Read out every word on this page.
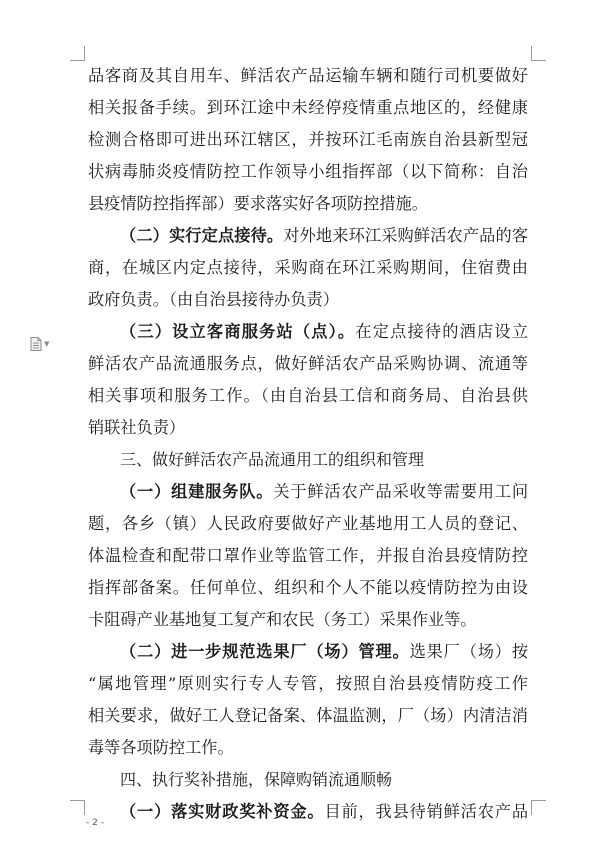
▼
品客商及其自用车、鲜活农产品运输车辆和随行司机要做好
相关报备手续。到环江途中未经停疫情重点地区的，经健康
检测合格即可进出环江辖区，并按环江毛南族自治县新型冠
状病毒肺炎疫情防控工作领导小组指挥部（以下简称：自治
县疫情防控指挥部）要求落实好各项防控措施。
（二）实行定点接待。对外地来环江采购鲜活农产品的客
商，在城区内定点接待，采购商在环江采购期间，住宿费由
政府负责。（由自治县接待办负责）
（三）设立客商服务站（点）。在定点接待的酒店设立
鲜活农产品流通服务点，做好鲜活农产品采购协调、流通等
相关事项和服务工作。（由自治县工信和商务局、自治县供
销联社负责）
三、做好鲜活农产品流通用工的组织和管理
（一）组建服务队。关于鲜活农产品采收等需要用工问
题，各乡（镇）人民政府要做好产业基地用工人员的登记、
体温检查和配带口罩作业等监管工作，并报自治县疫情防控
指挥部备案。任何单位、组织和个人不能以疫情防控为由设
卡阻碍产业基地复工复产和农民（务工）采果作业等。
（二）进一步规范选果厂（场）管理。选果厂（场）按
“属地管理”原则实行专人专管，按照自治县疫情防疫工作
相关要求，做好工人登记备案、体温监测，厂（场）内清洁消
毒等各项防控工作。
四、执行奖补措施，保障购销流通顺畅
（一）落实财政奖补资金。目前，我县待销鲜活农产品
- 2 -
